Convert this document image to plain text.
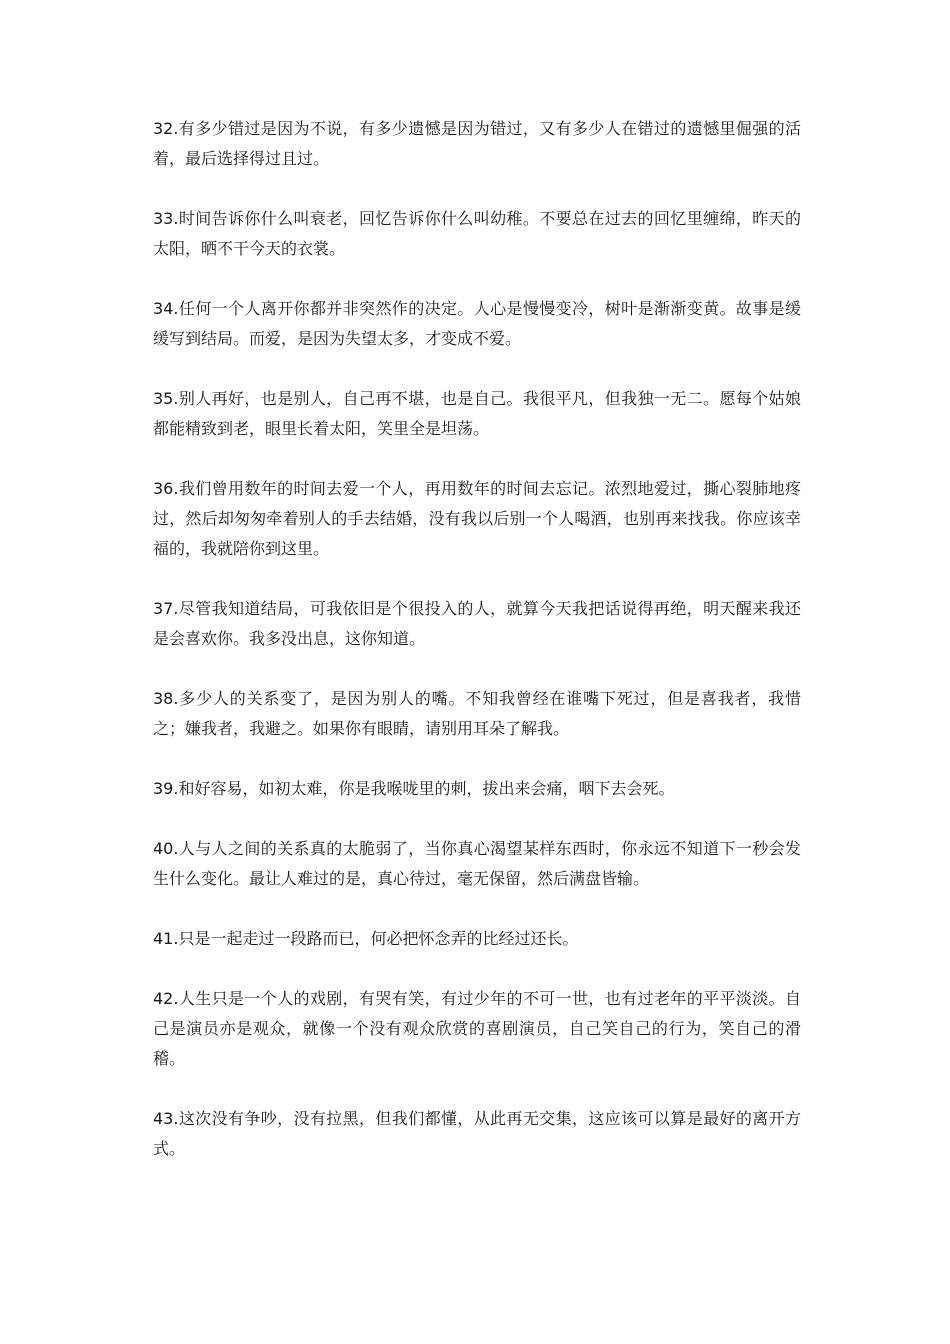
32.有多少错过是因为不说，有多少遗憾是因为错过，又有多少人在错过的遗憾里倔强的活着，最后选择得过且过。

33.时间告诉你什么叫衰老，回忆告诉你什么叫幼稚。不要总在过去的回忆里缠绵，昨天的太阳，晒不干今天的衣裳。

34.任何一个人离开你都并非突然作的决定。人心是慢慢变冷，树叶是渐渐变黄。故事是缓缓写到结局。而爱，是因为失望太多，才变成不爱。

35.别人再好，也是别人，自己再不堪，也是自己。我很平凡，但我独一无二。愿每个姑娘都能精致到老，眼里长着太阳，笑里全是坦荡。

36.我们曾用数年的时间去爱一个人，再用数年的时间去忘记。浓烈地爱过，撕心裂肺地疼过，然后却匆匆牵着别人的手去结婚，没有我以后别一个人喝酒，也别再来找我。你应该幸福的，我就陪你到这里。

37.尽管我知道结局，可我依旧是个很投入的人，就算今天我把话说得再绝，明天醒来我还是会喜欢你。我多没出息，这你知道。

38.多少人的关系变了，是因为别人的嘴。不知我曾经在谁嘴下死过，但是喜我者，我惜之；嫌我者，我避之。如果你有眼睛，请别用耳朵了解我。

39.和好容易，如初太难，你是我喉咙里的刺，拔出来会痛，咽下去会死。

40.人与人之间的关系真的太脆弱了，当你真心渴望某样东西时，你永远不知道下一秒会发生什么变化。最让人难过的是，真心待过，毫无保留，然后满盘皆输。

41.只是一起走过一段路而已，何必把怀念弄的比经过还长。

42.人生只是一个人的戏剧，有哭有笑，有过少年的不可一世，也有过老年的平平淡淡。自己是演员亦是观众，就像一个没有观众欣赏的喜剧演员，自己笑自己的行为，笑自己的滑稽。

43.这次没有争吵，没有拉黑，但我们都懂，从此再无交集，这应该可以算是最好的离开方式。
